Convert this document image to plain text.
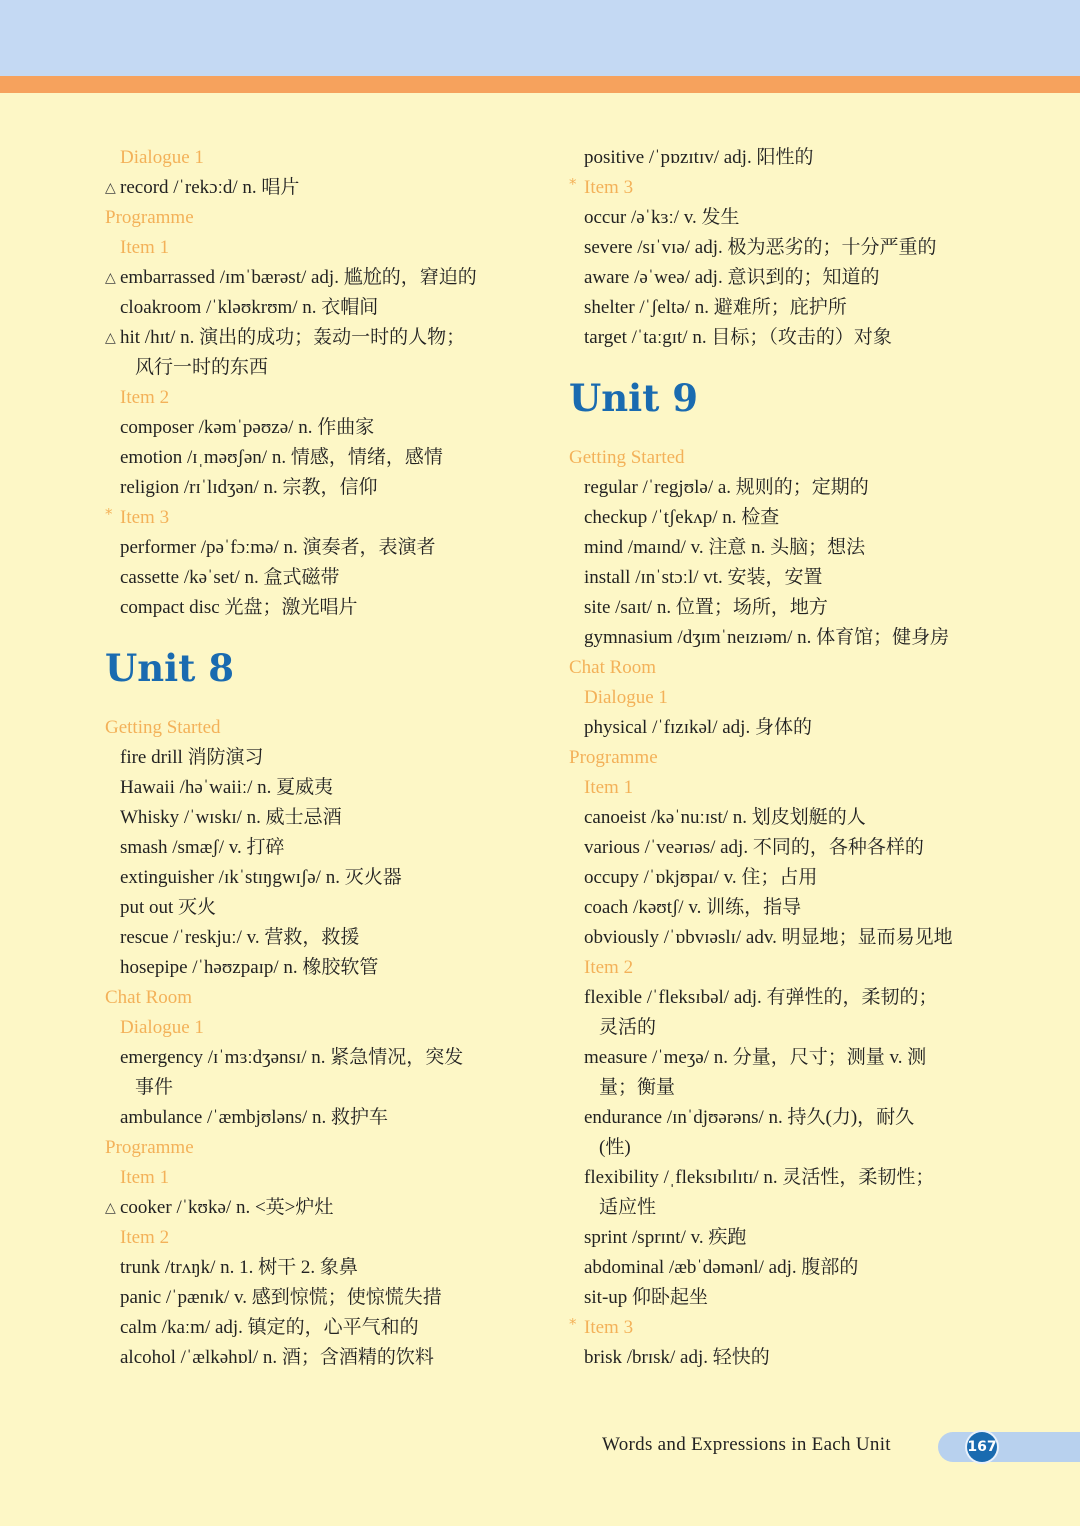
Dialogue 1
△ record /ˈrekɔːd/ n. 唱片
Programme
Item 1
△ embarrassed /ɪmˈbærəst/ adj. 尴尬的，窘迫的
cloakroom /ˈkləʊkrʊm/ n. 衣帽间
△ hit /hɪt/ n. 演出的成功；轰动一时的人物；
风行一时的东西
Item 2
composer /kəmˈpəʊzə/ n. 作曲家
emotion /ɪˌməʊʃən/ n. 情感，情绪，感情
religion /rɪˈlɪdʒən/ n. 宗教，信仰
* Item 3
performer /pəˈfɔːmə/ n. 演奏者，表演者
cassette /kəˈset/ n. 盒式磁带
compact disc 光盘；激光唱片
Unit 8
Getting Started
fire drill 消防演习
Hawaii /həˈwaiiː/ n. 夏威夷
Whisky /ˈwɪskɪ/ n. 威士忌酒
smash /smæʃ/ v. 打碎
extinguisher /ɪkˈstɪŋgwɪʃə/ n. 灭火器
put out 灭火
rescue /ˈreskjuː/ v. 营救，救援
hosepipe /ˈhəʊzpaɪp/ n. 橡胶软管
Chat Room
Dialogue 1
emergency /ɪˈmɜːdʒənsɪ/ n. 紧急情况，突发
事件
ambulance /ˈæmbjʊləns/ n. 救护车
Programme
Item 1
△ cooker /ˈkʊkə/ n. <英>炉灶
Item 2
trunk /trʌŋk/ n. 1. 树干 2. 象鼻
panic /ˈpænɪk/ v. 感到惊慌；使惊慌失措
calm /kaːm/ adj. 镇定的，心平气和的
alcohol /ˈælkəhɒl/ n. 酒；含酒精的饮料
positive /ˈpɒzɪtɪv/ adj. 阳性的
* Item 3
occur /əˈkɜː/ v. 发生
severe /sɪˈvɪə/ adj. 极为恶劣的；十分严重的
aware /əˈweə/ adj. 意识到的；知道的
shelter /ˈʃeltə/ n. 避难所；庇护所
target /ˈtaːgɪt/ n. 目标；（攻击的）对象
Unit 9
Getting Started
regular /ˈregjʊlə/ a. 规则的；定期的
checkup /ˈtʃekʌp/ n. 检查
mind /maɪnd/ v. 注意 n. 头脑；想法
install /ɪnˈstɔːl/ vt. 安装，安置
site /saɪt/ n. 位置；场所，地方
gymnasium /dʒɪmˈneɪzɪəm/ n. 体育馆；健身房
Chat Room
Dialogue 1
physical /ˈfɪzɪkəl/ adj. 身体的
Programme
Item 1
canoeist /kəˈnuːɪst/ n. 划皮划艇的人
various /ˈveərɪəs/ adj. 不同的，各种各样的
occupy /ˈɒkjʊpaɪ/ v. 住；占用
coach /kəʊtʃ/ v. 训练，指导
obviously /ˈɒbvɪəslɪ/ adv. 明显地；显而易见地
Item 2
flexible /ˈfleksɪbəl/ adj. 有弹性的，柔韧的；
灵活的
measure /ˈmeʒə/ n. 分量，尺寸；测量 v. 测
量；衡量
endurance /ɪnˈdjʊərəns/ n. 持久(力)，耐久
(性)
flexibility /ˌfleksɪbɪlɪtɪ/ n. 灵活性，柔韧性；
适应性
sprint /sprɪnt/ v. 疾跑
abdominal /æbˈdəmənl/ adj. 腹部的
sit-up 仰卧起坐
* Item 3
brisk /brɪsk/ adj. 轻快的
Words and Expressions in Each Unit	167
